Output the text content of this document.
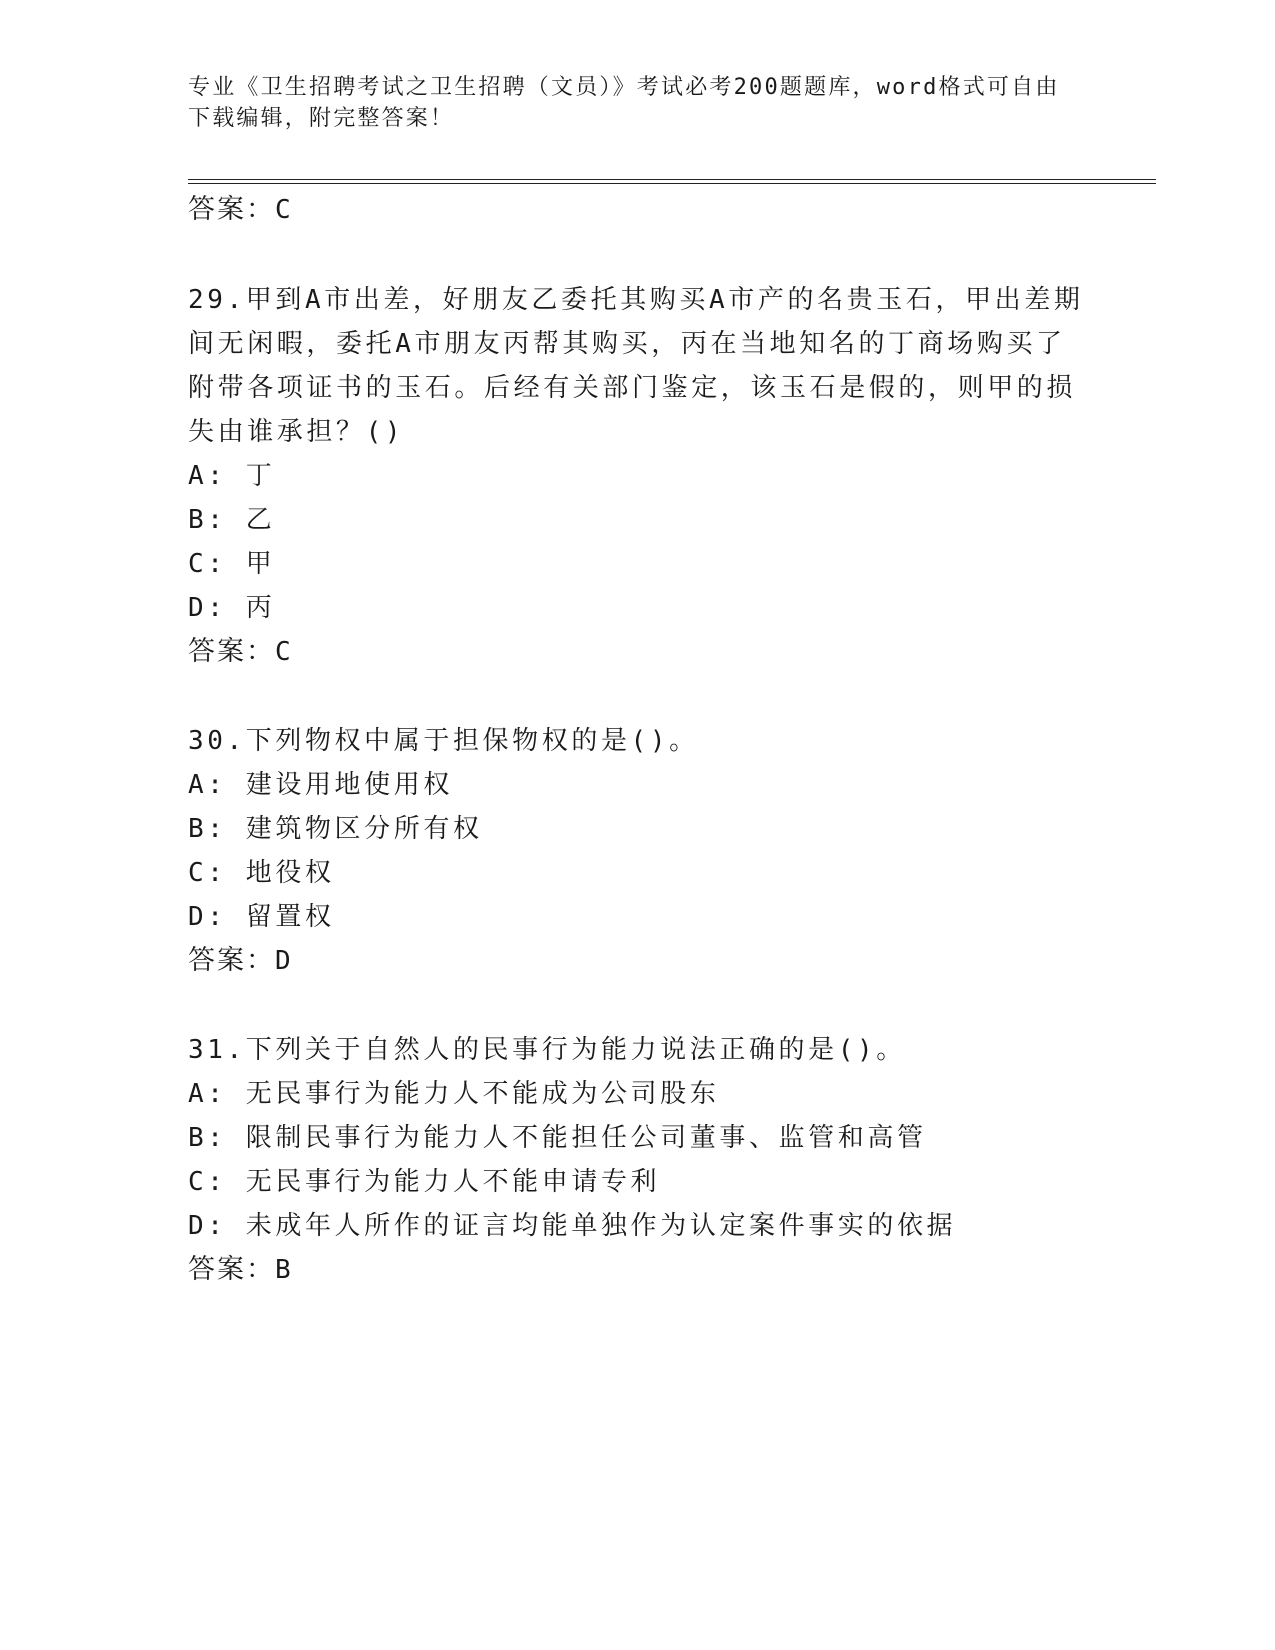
专业《卫生招聘考试之卫生招聘（文员）》考试必考200题题库，word格式可自由下载编辑，附完整答案！
答案：C
29.甲到A市出差，好朋友乙委托其购买A市产的名贵玉石，甲出差期
间无闲暇，委托A市朋友丙帮其购买，丙在当地知名的丁商场购买了
附带各项证书的玉石。后经有关部门鉴定，该玉石是假的，则甲的损
失由谁承担？()
A: 丁
B: 乙
C: 甲
D: 丙
答案：C
30.下列物权中属于担保物权的是()。
A: 建设用地使用权
B: 建筑物区分所有权
C: 地役权
D: 留置权
答案：D
31.下列关于自然人的民事行为能力说法正确的是()。
A: 无民事行为能力人不能成为公司股东
B: 限制民事行为能力人不能担任公司董事、监管和高管
C: 无民事行为能力人不能申请专利
D: 未成年人所作的证言均能单独作为认定案件事实的依据
答案：B
